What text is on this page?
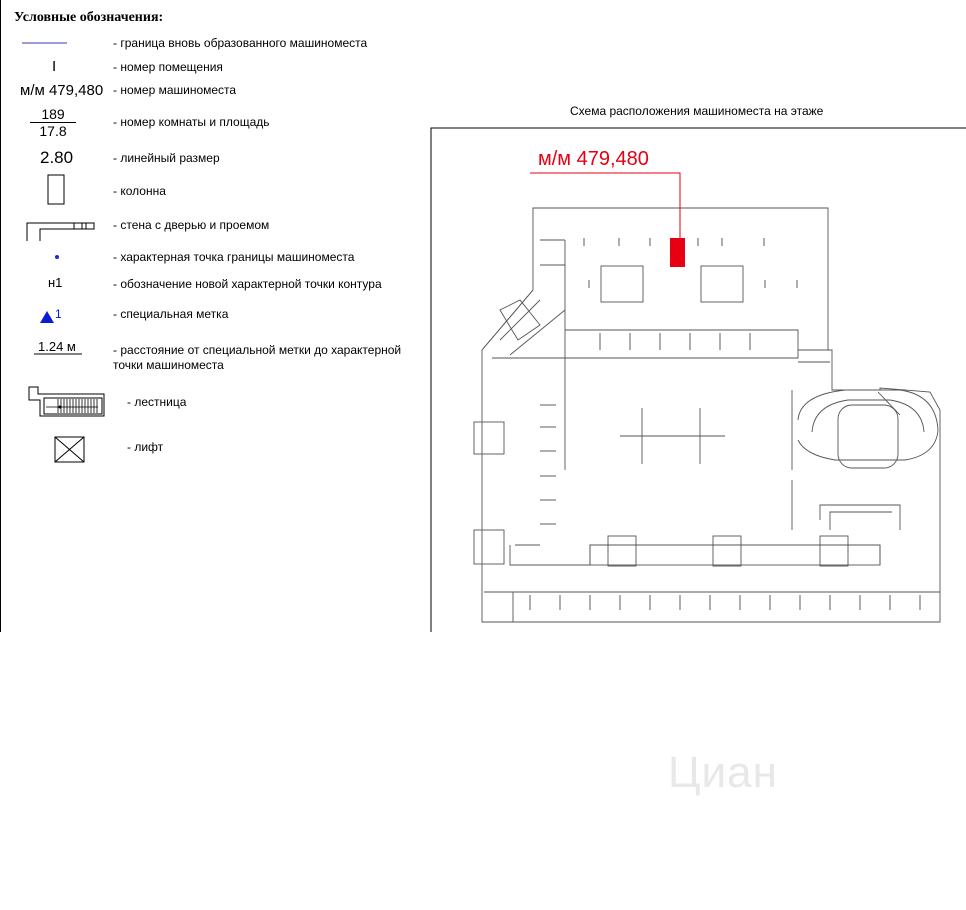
Условные обозначения:
- граница вновь образованного машиноместа
I	- номер помещения
м/м 479,480 - номер машиноместа
$\frac{189}{17.8}$	- номер комнаты и площадь
2.80	- линейный размер
- колонна
- стена с дверью и проемом
- характерная точка границы машиноместа
н1	- обозначение новой характерной точки контура
1	- специальная метка
1.24 м	- расстояние от специальной метки до характерной
точки машиноместа
- лестница
- лифт
Схема расположения машиноместа на этаже
м/м 479,480
Циан
